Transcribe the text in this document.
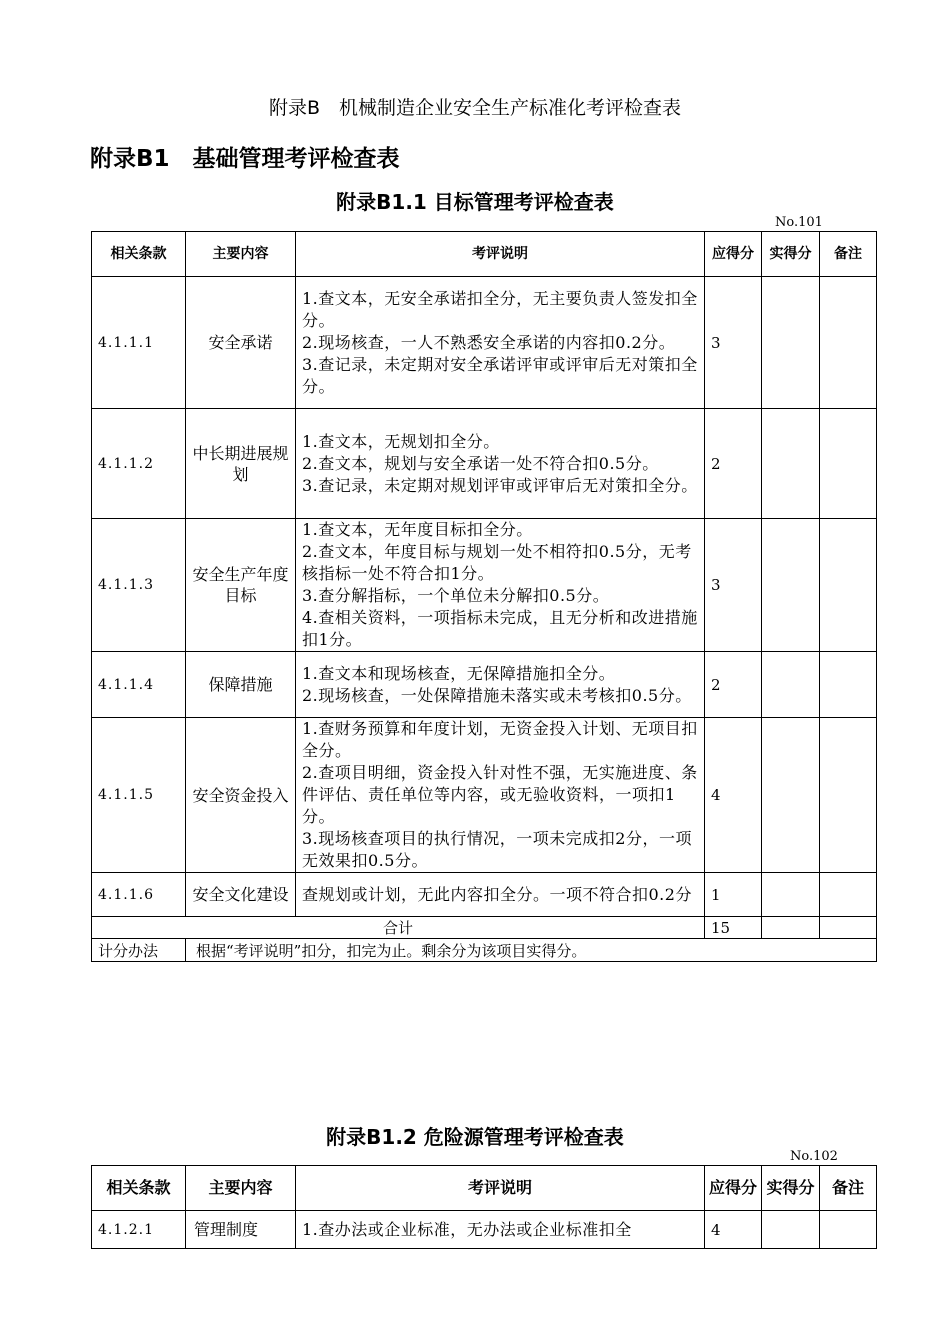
附录B　机械制造企业安全生产标准化考评检查表
附录B1　基础管理考评检查表
附录B1.1 目标管理考评检查表
No.101
相关条款	主要内容	考评说明	应得分	实得分	备注
4.1.1.1	安全承诺	1.查文本，无安全承诺扣全分，无主要负责人签发扣全分。
2.现场核查，一人不熟悉安全承诺的内容扣0.2分。
3.查记录，未定期对安全承诺评审或评审后无对策扣全分。	3		
4.1.1.2	中长期进展规划	1.查文本，无规划扣全分。
2.查文本，规划与安全承诺一处不符合扣0.5分。
3.查记录，未定期对规划评审或评审后无对策扣全分。	2		
4.1.1.3	安全生产年度目标	1.查文本，无年度目标扣全分。
2.查文本，年度目标与规划一处不相符扣0.5分，无考核指标一处不符合扣1分。
3.查分解指标，一个单位未分解扣0.5分。
4.查相关资料，一项指标未完成，且无分析和改进措施扣1分。	3		
4.1.1.4	保障措施	1.查文本和现场核查，无保障措施扣全分。
2.现场核查，一处保障措施未落实或未考核扣0.5分。	2		
4.1.1.5	安全资金投入	1.查财务预算和年度计划，无资金投入计划、无项目扣全分。
2.查项目明细，资金投入针对性不强，无实施进度、条件评估、责任单位等内容，或无验收资料，一项扣1分。
3.现场核查项目的执行情况，一项未完成扣2分，一项无效果扣0.5分。	4		
4.1.1.6	安全文化建设	查规划或计划，无此内容扣全分。一项不符合扣0.2分	1		
合计			15		
计分办法	根据“考评说明”扣分，扣完为止。剩余分为该项目实得分。				
附录B1.2 危险源管理考评检查表
No.102
相关条款	主要内容	考评说明	应得分	实得分	备注
4.1.2.1	管理制度	1.查办法或企业标准，无办法或企业标准扣全	4		
